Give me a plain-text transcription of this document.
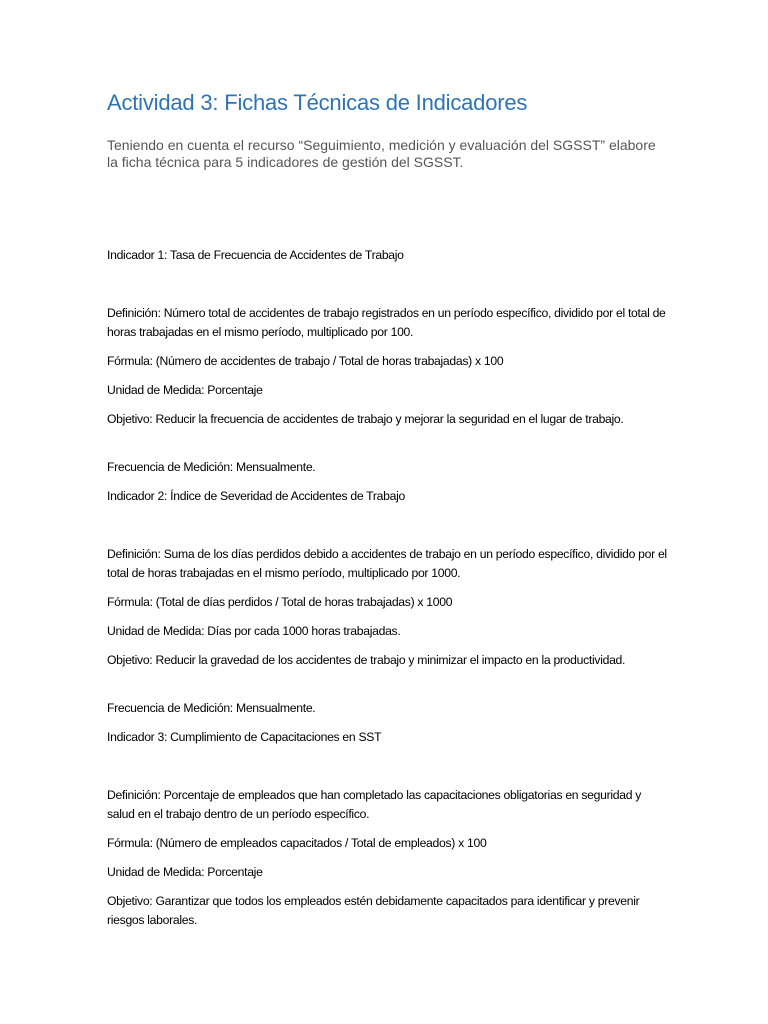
Actividad 3: Fichas Técnicas de Indicadores

Teniendo en cuenta el recurso “Seguimiento, medición y evaluación del SGSST” elabore la ficha técnica para 5 indicadores de gestión del SGSST.

Indicador 1: Tasa de Frecuencia de Accidentes de Trabajo

Definición: Número total de accidentes de trabajo registrados en un período específico, dividido por el total de horas trabajadas en el mismo período, multiplicado por 100.

Fórmula: (Número de accidentes de trabajo / Total de horas trabajadas) x 100

Unidad de Medida: Porcentaje

Objetivo: Reducir la frecuencia de accidentes de trabajo y mejorar la seguridad en el lugar de trabajo.

Frecuencia de Medición: Mensualmente.

Indicador 2: Índice de Severidad de Accidentes de Trabajo

Definición: Suma de los días perdidos debido a accidentes de trabajo en un período específico, dividido por el total de horas trabajadas en el mismo período, multiplicado por 1000.

Fórmula: (Total de días perdidos / Total de horas trabajadas) x 1000

Unidad de Medida: Días por cada 1000 horas trabajadas.

Objetivo: Reducir la gravedad de los accidentes de trabajo y minimizar el impacto en la productividad.

Frecuencia de Medición: Mensualmente.

Indicador 3: Cumplimiento de Capacitaciones en SST

Definición: Porcentaje de empleados que han completado las capacitaciones obligatorias en seguridad y salud en el trabajo dentro de un período específico.

Fórmula: (Número de empleados capacitados / Total de empleados) x 100

Unidad de Medida: Porcentaje

Objetivo: Garantizar que todos los empleados estén debidamente capacitados para identificar y prevenir riesgos laborales.
